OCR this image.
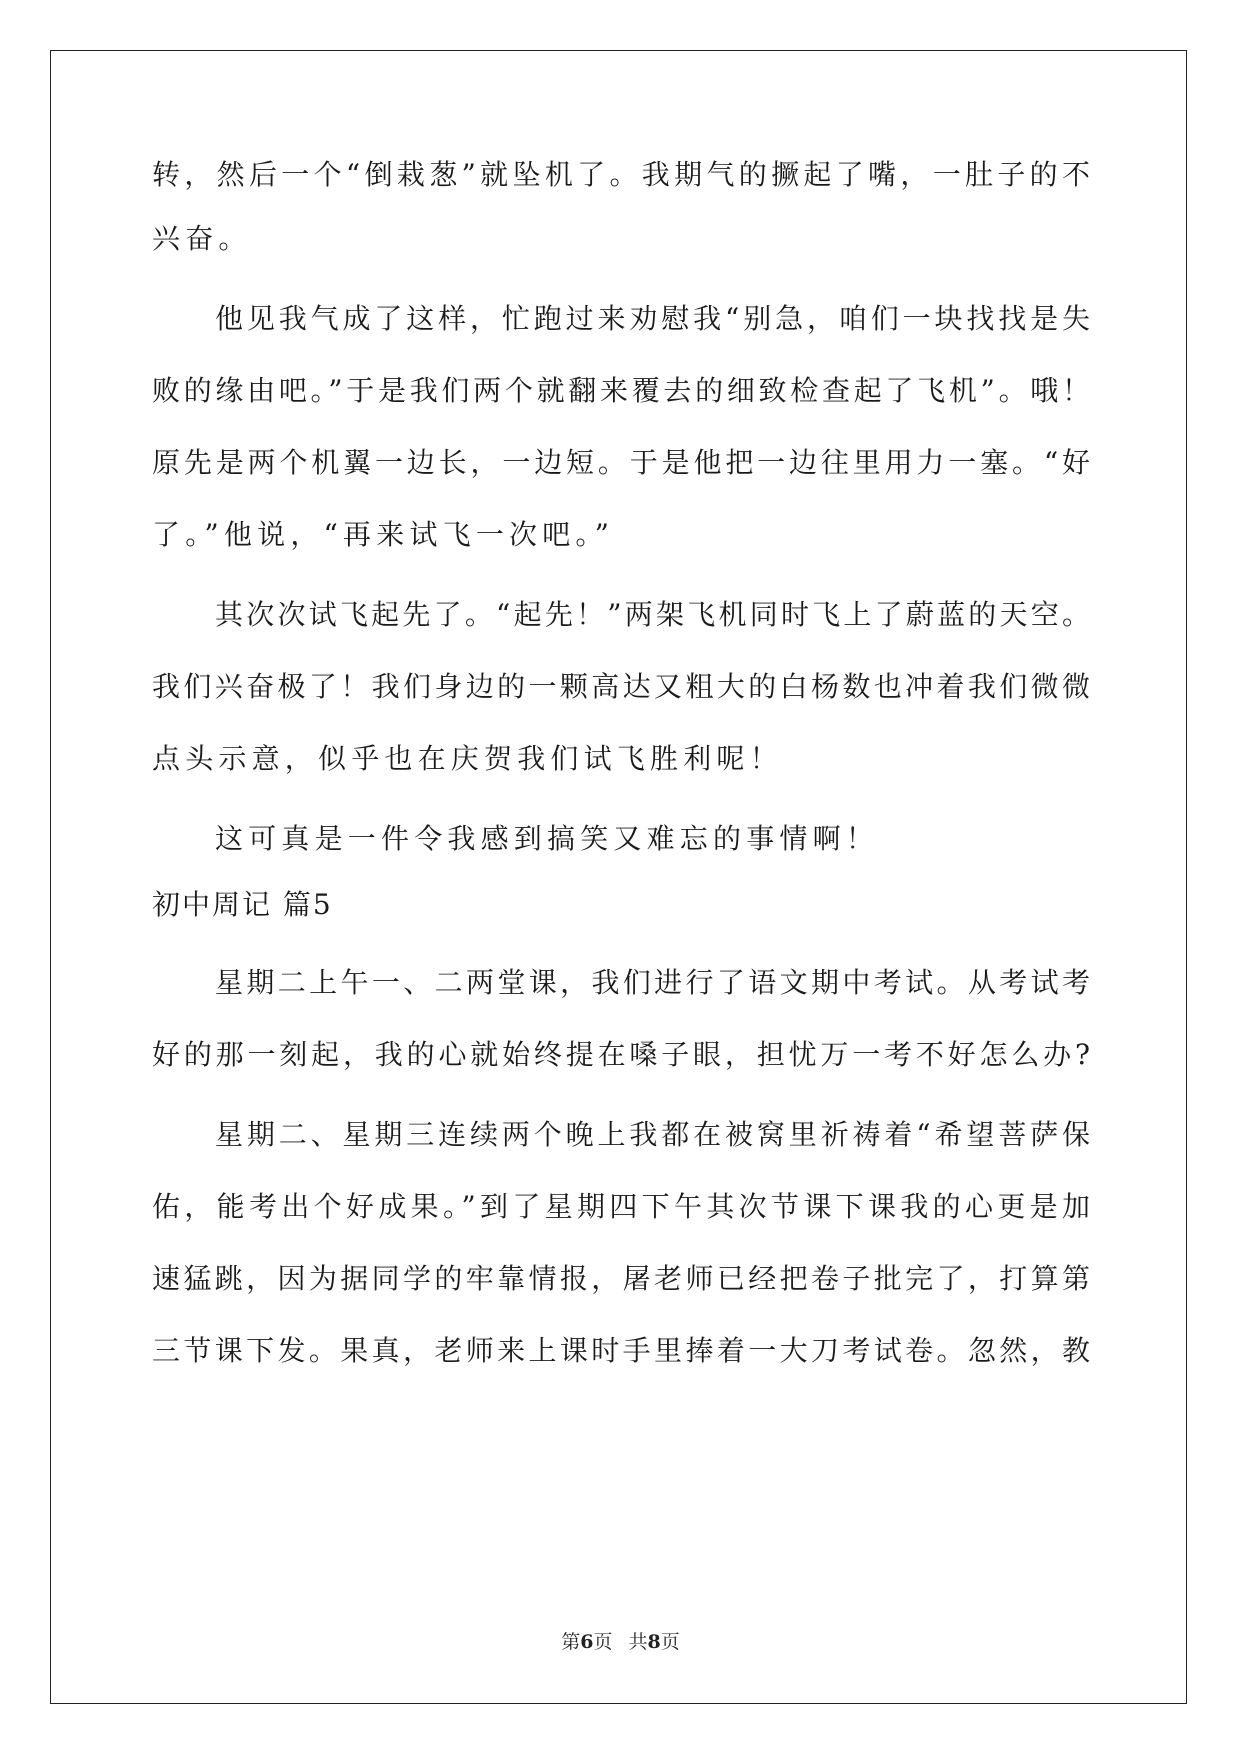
转，然后一个“倒栽葱”就坠机了。我期气的撅起了嘴，一肚子的不
兴奋。
他见我气成了这样，忙跑过来劝慰我“别急，咱们一块找找是失
败的缘由吧。”于是我们两个就翻来覆去的细致检查起了飞机”。哦！
原先是两个机翼一边长，一边短。于是他把一边往里用力一塞。“好
了。”他说，“再来试飞一次吧。”
其次次试飞起先了。“起先！”两架飞机同时飞上了蔚蓝的天空。
我们兴奋极了！我们身边的一颗高达又粗大的白杨数也冲着我们微微
点头示意，似乎也在庆贺我们试飞胜利呢！
这可真是一件令我感到搞笑又难忘的事情啊！
初中周记 篇5
星期二上午一、二两堂课，我们进行了语文期中考试。从考试考
好的那一刻起，我的心就始终提在嗓子眼，担忧万一考不好怎么办?
星期二、星期三连续两个晚上我都在被窝里祈祷着“希望菩萨保
佑，能考出个好成果。”到了星期四下午其次节课下课我的心更是加
速猛跳，因为据同学的牢靠情报，屠老师已经把卷子批完了，打算第
三节课下发。果真，老师来上课时手里捧着一大刀考试卷。忽然，教
第6页 共8页
